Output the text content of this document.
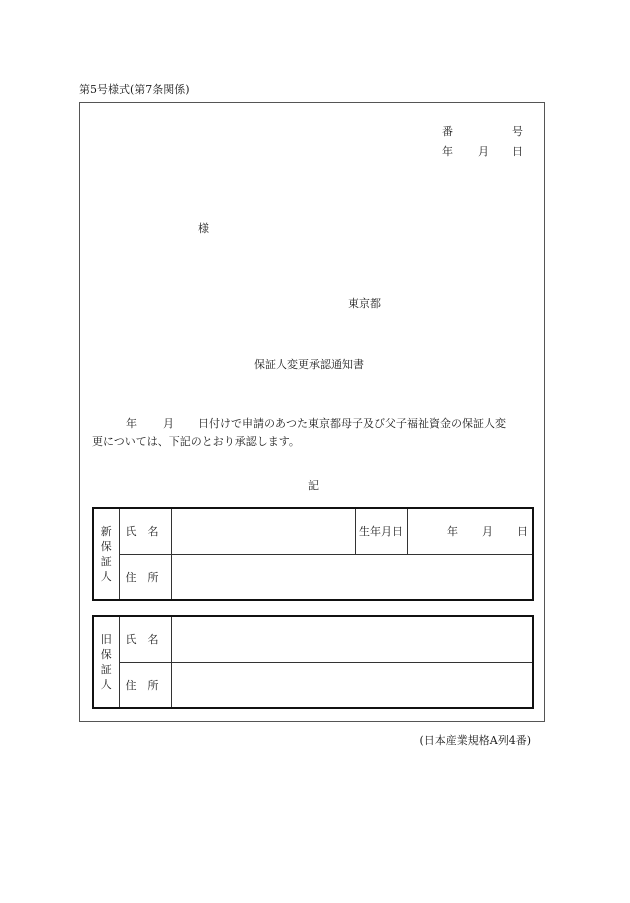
第5号様式(第7条関係)
番	号
年 月 日
様
東京都
保証人変更承認通知書
年 月 日付けで申請のあつた東京都母子及び父子福祉資金の保証人変
更については、下記のとおり承認します。
記
新
保
証
人	氏 名		生年月日	年 月 日
	住 所			
旧
保
証
人	氏 名	
	住 所	
(日本産業規格A列4番)
